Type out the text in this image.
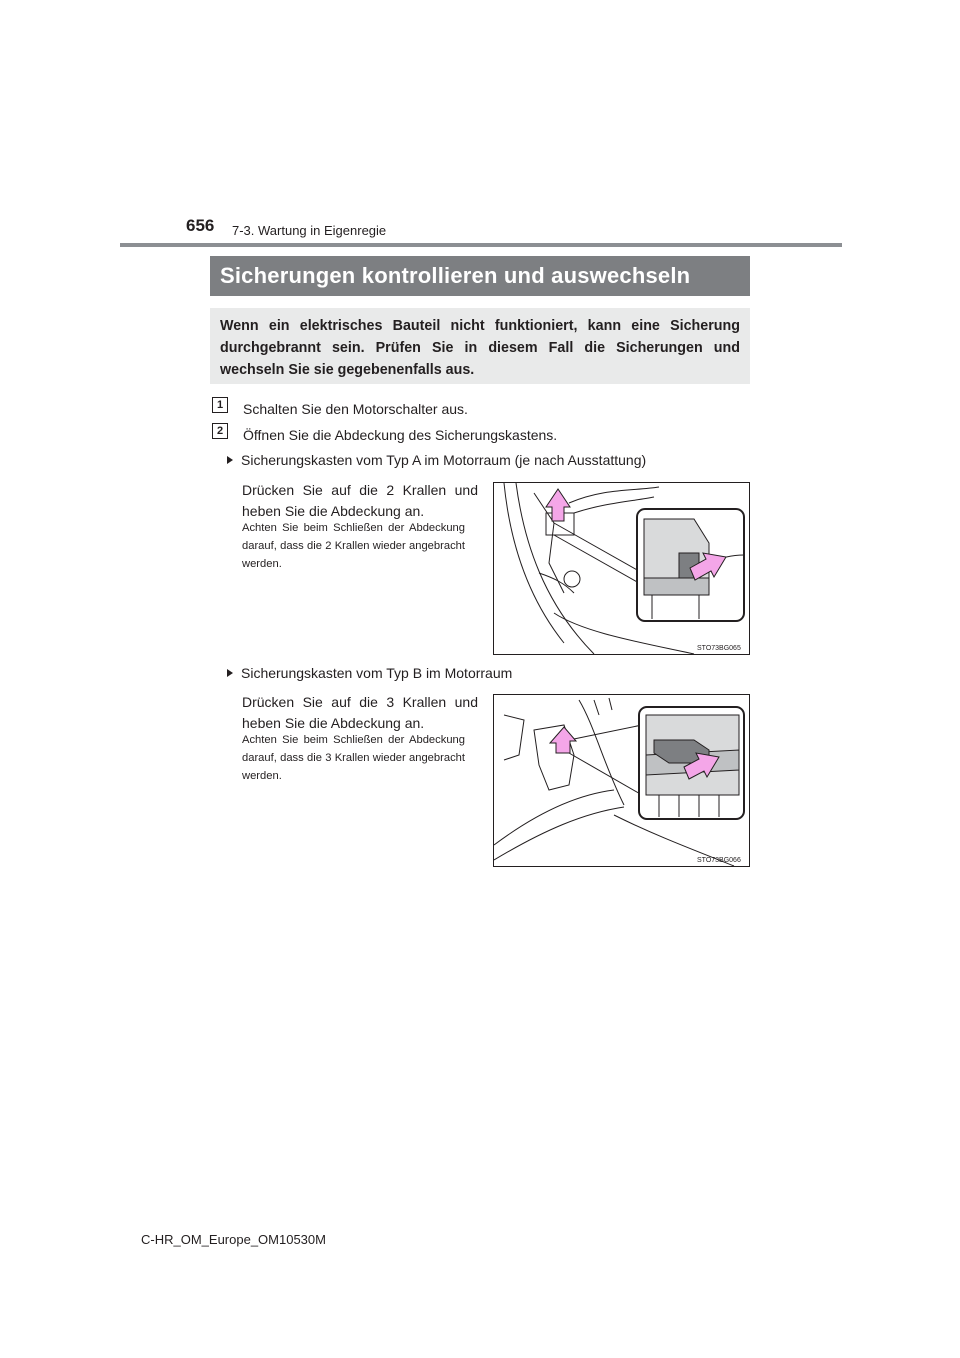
656 7-3. Wartung in Eigenregie
Sicherungen kontrollieren und auswechseln
Wenn ein elektrisches Bauteil nicht funktioniert, kann eine Sicherung durchgebrannt sein. Prüfen Sie in diesem Fall die Sicherungen und wechseln Sie sie gegebenenfalls aus.
1	Schalten Sie den Motorschalter aus.
2	Öffnen Sie die Abdeckung des Sicherungskastens.
Sicherungskasten vom Typ A im Motorraum (je nach Ausstattung)
Drücken Sie auf die 2 Krallen und heben Sie die Abdeckung an.
Achten Sie beim Schließen der Abdeckung darauf, dass die 2 Krallen wieder angebracht werden.
STO73BG065
Sicherungskasten vom Typ B im Motorraum
Drücken Sie auf die 3 Krallen und heben Sie die Abdeckung an.
Achten Sie beim Schließen der Abdeckung darauf, dass die 3 Krallen wieder angebracht werden.
STO73BG066
C-HR_OM_Europe_OM10530M
